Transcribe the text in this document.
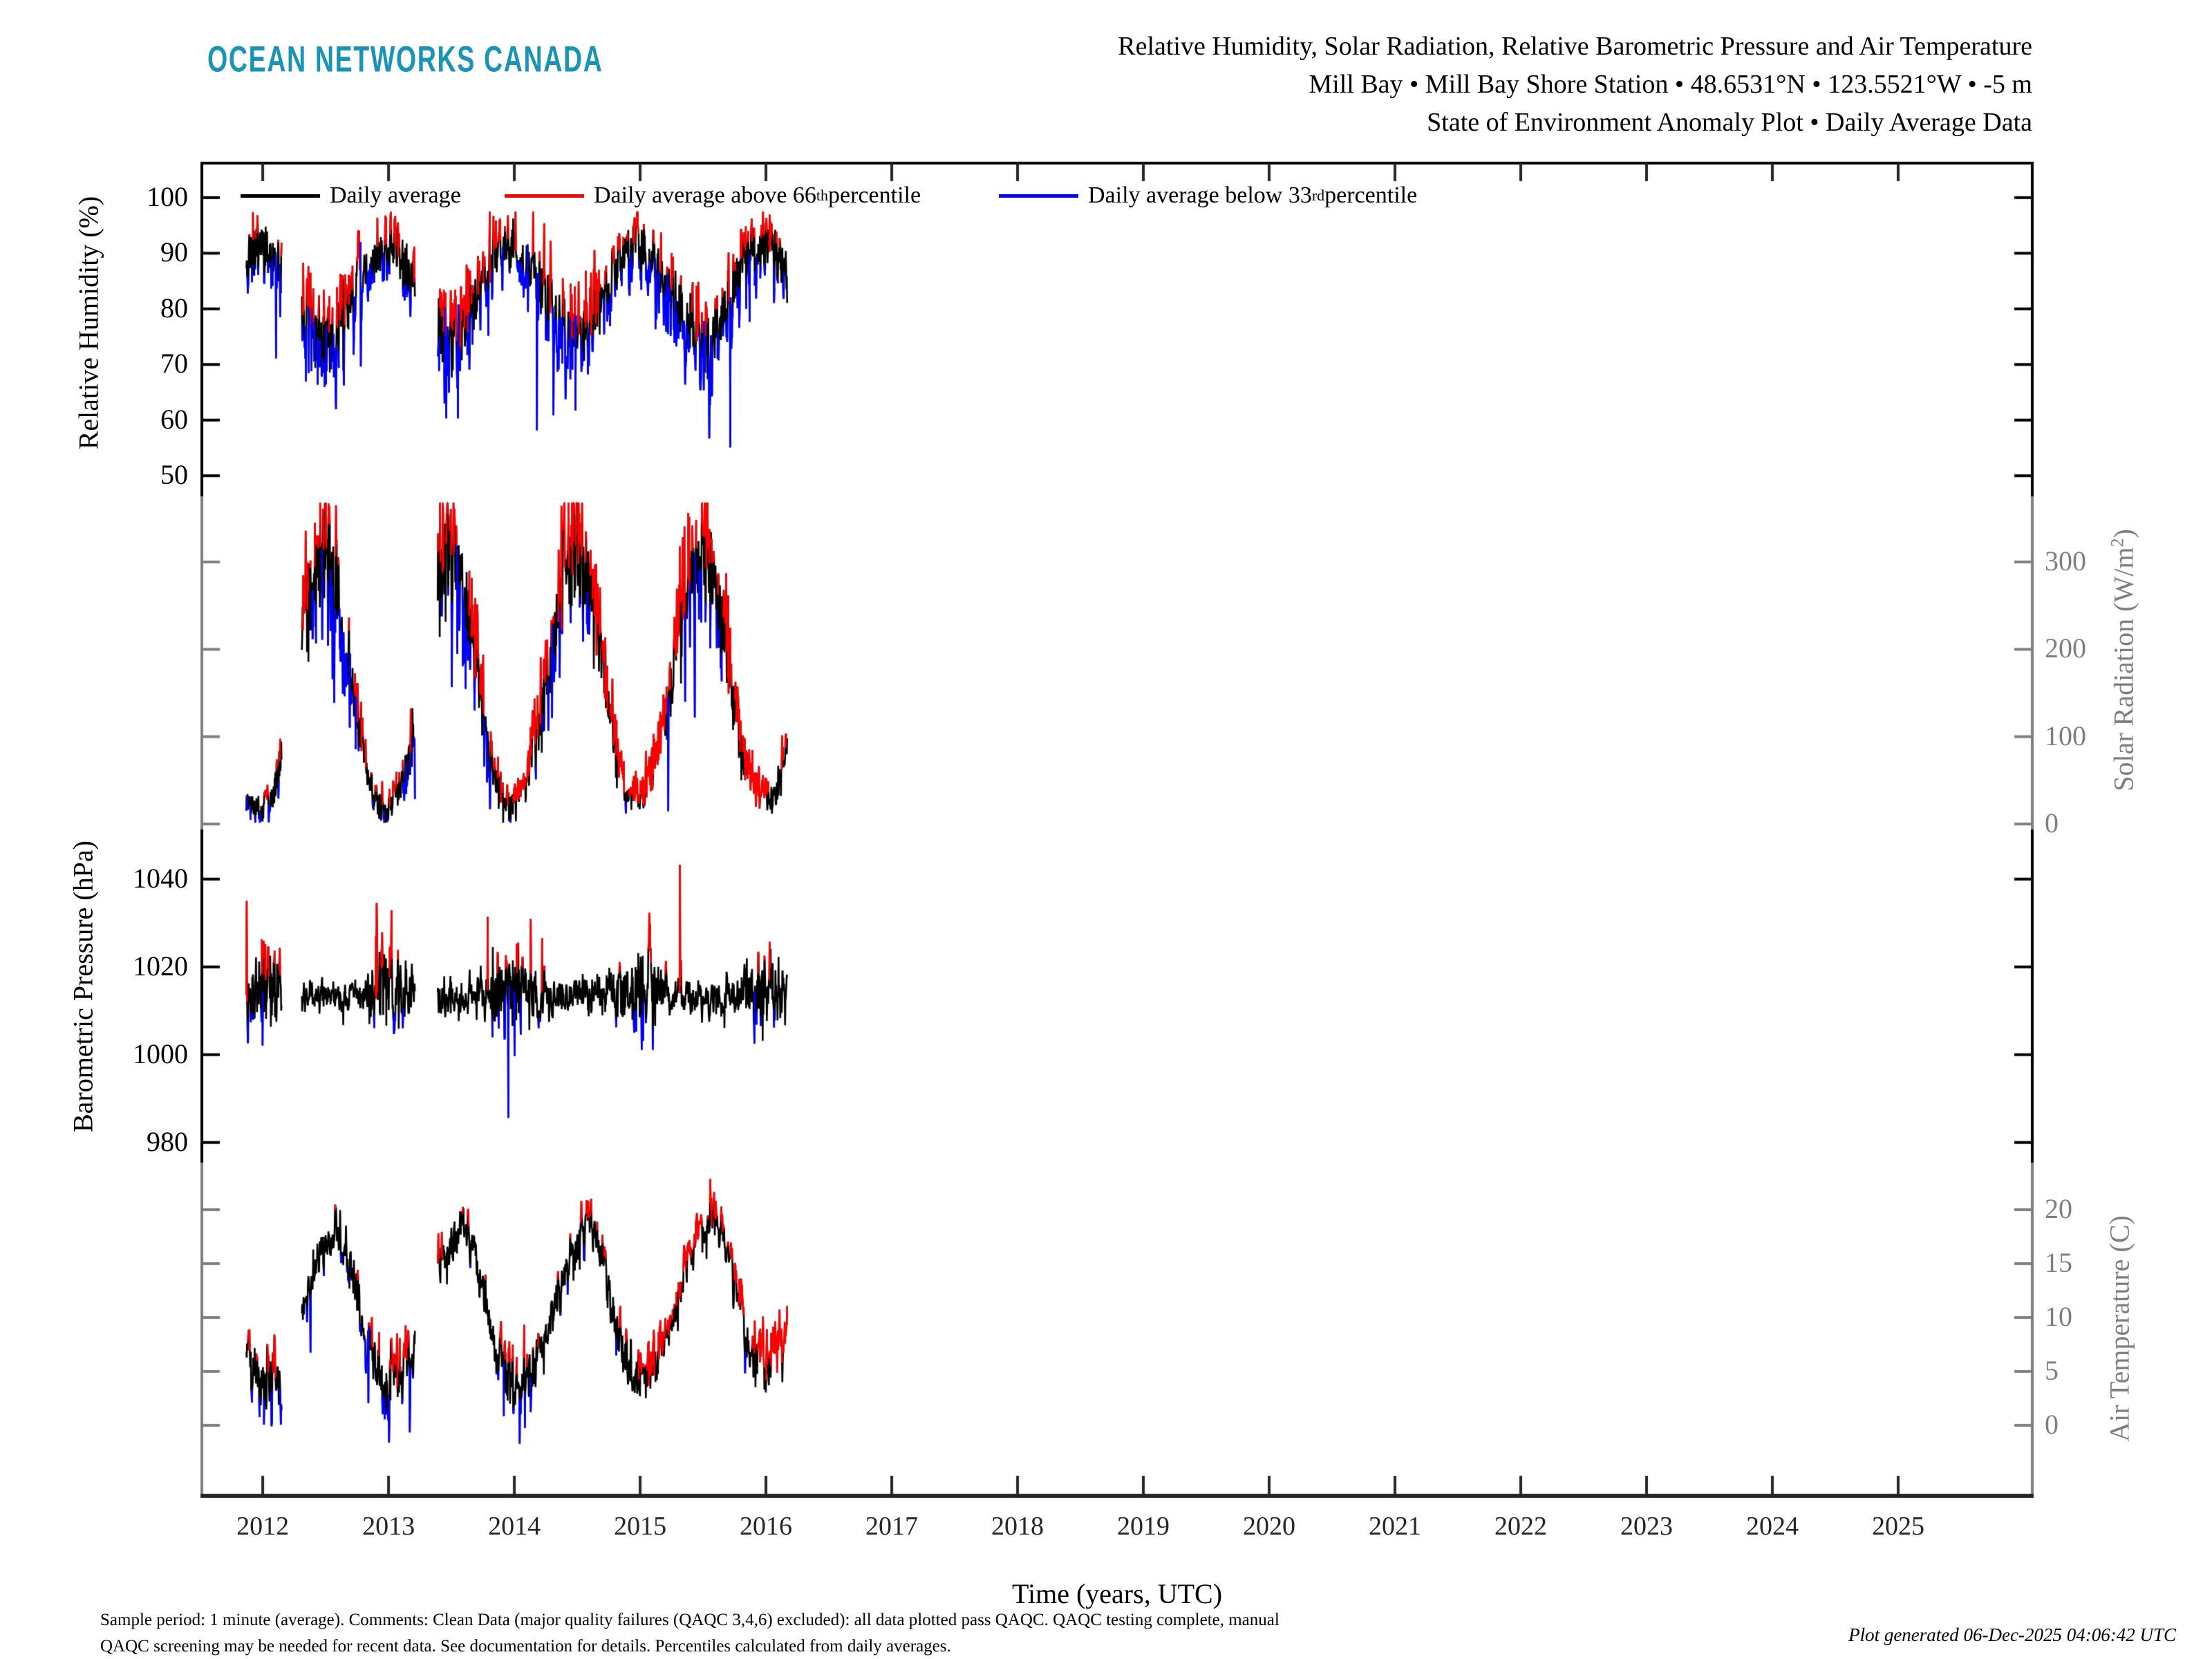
OCEAN NETWORKS CANADA	Relative Humidity, Solar Radiation, Relative Barometric Pressure and Air Temperature
Mill Bay • Mill Bay Shore Station • 48.6531°N • 123.5521°W • -5 m
State of Environment Anomaly Plot • Daily Average Data
Daily average	Daily average above 66 th percentile	Daily average below 33 rd percentile
Relative Humidity (%)
Solar Radiation $(W/m^2)$
Barometric Pressure (hPa)
Air Temperature (C)
Time (years, UTC)
Sample period: 1 minute (average). Comments: Clean Data (major quality failures (QAQC 3,4,6) excluded): all data plotted pass QAQC. QAQC testing complete, manual
QAQC screening may be needed for recent data. See documentation for details. Percentiles calculated from daily averages.
Plot generated 06-Dec-2025 04:06:42 UTC
100
90
80
70
60
50
300
200
100
0
1040
1020
1000
980
20
15
10
5
0
2012	2013	2014	2015	2016	2017	2018	2019	2020	2021	2022	2023	2024	2025
